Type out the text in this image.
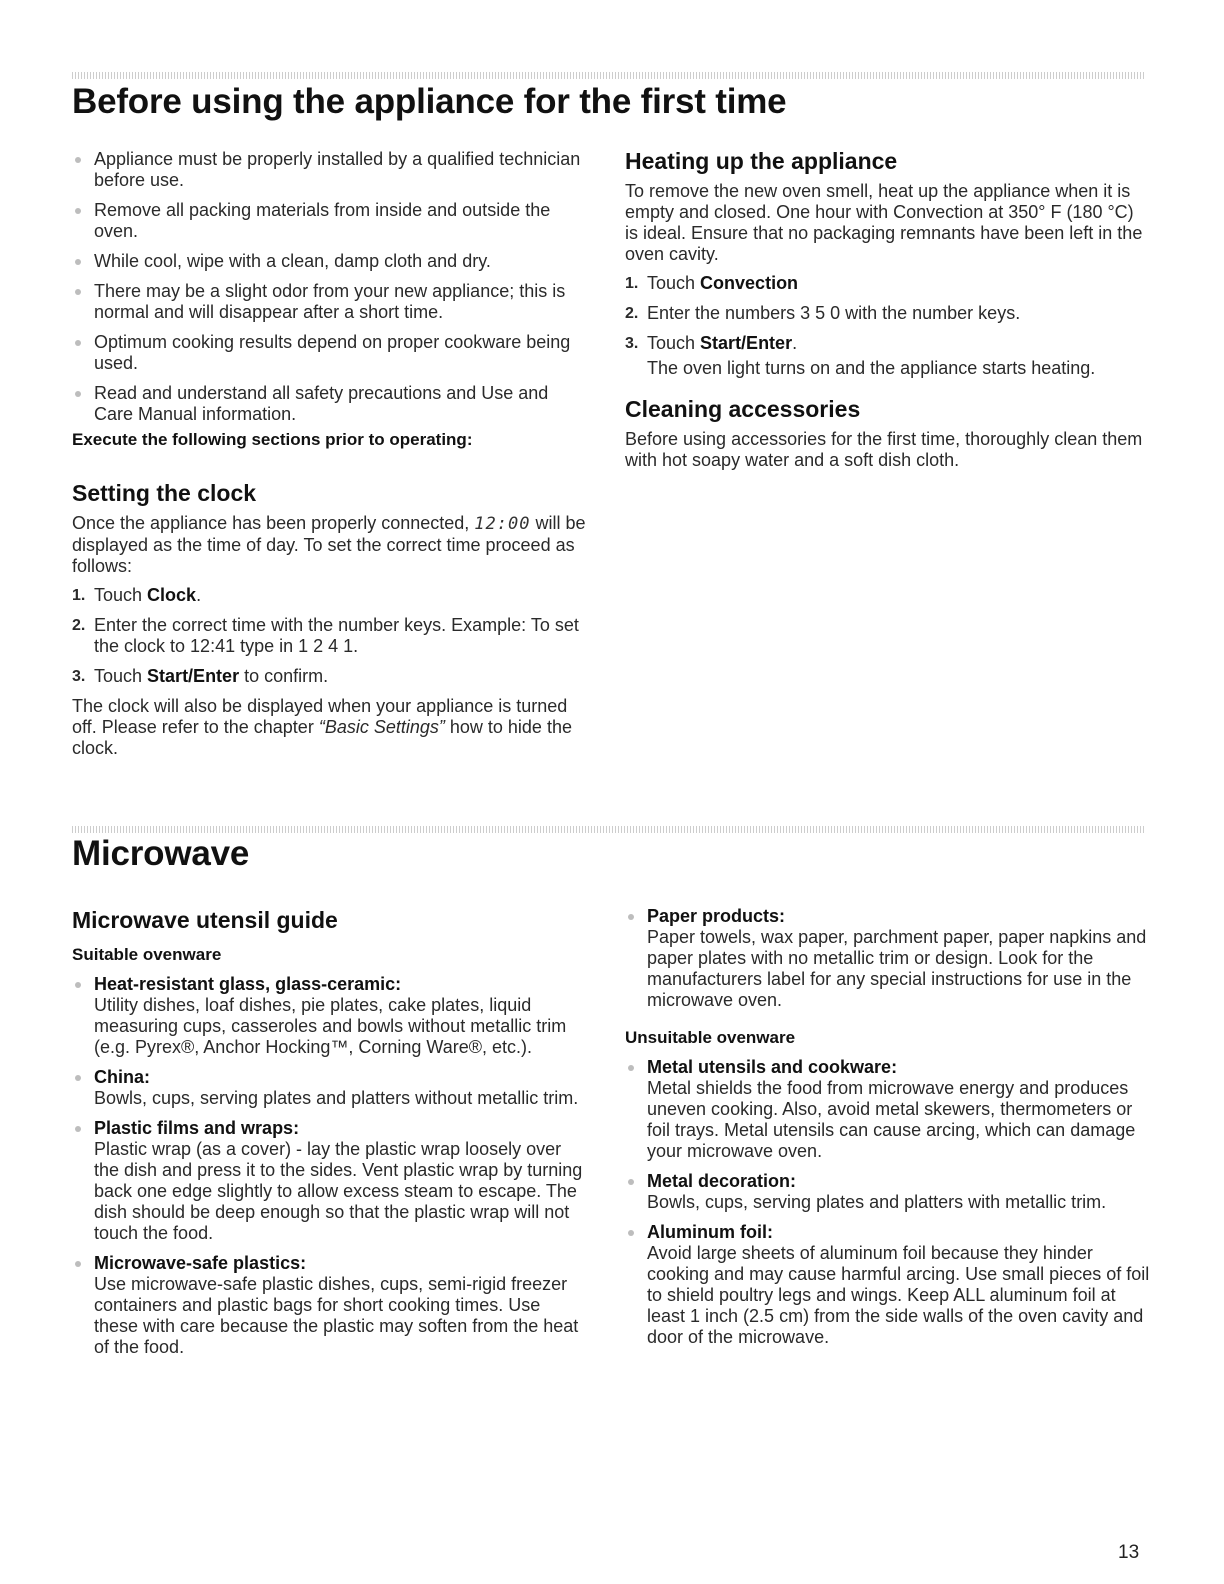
Before using the appliance for the first time
Appliance must be properly installed by a qualified technician before use.
Remove all packing materials from inside and outside the oven.
While cool, wipe with a clean, damp cloth and dry.
There may be a slight odor from your new appliance; this is normal and will disappear after a short time.
Optimum cooking results depend on proper cookware being used.
Read and understand all safety precautions and Use and Care Manual information.
Execute the following sections prior to operating:
Setting the clock

Once the appliance has been properly connected, 12:00 will be displayed as the time of day. To set the correct time proceed as follows:

1. Touch Clock.
2. Enter the correct time with the number keys. Example: To set the clock to 12:41 type in 1 2 4 1.
3. Touch Start/Enter to confirm.

The clock will also be displayed when your appliance is turned off. Please refer to the chapter “Basic Settings” how to hide the clock.

Heating up the appliance

To remove the new oven smell, heat up the appliance when it is empty and closed. One hour with Convection at 350° F (180 °C) is ideal. Ensure that no packaging remnants have been left in the oven cavity.

1. Touch Convection
2. Enter the numbers 3 5 0 with the number keys.
3. Touch Start/Enter.

The oven light turns on and the appliance starts heating.

Cleaning accessories

Before using accessories for the first time, thoroughly clean them with hot soapy water and a soft dish cloth.

Microwave
Microwave utensil guide
Suitable ovenware
Heat-resistant glass, glass-ceramic:
Utility dishes, loaf dishes, pie plates, cake plates, liquid measuring cups, casseroles and bowls without metallic trim (e.g. Pyrex®, Anchor Hocking™, Corning Ware®, etc.).
China:
Bowls, cups, serving plates and platters without metallic trim.
Plastic films and wraps:
Plastic wrap (as a cover) - lay the plastic wrap loosely over the dish and press it to the sides. Vent plastic wrap by turning back one edge slightly to allow excess steam to escape. The dish should be deep enough so that the plastic wrap will not touch the food.
Microwave-safe plastics:
Use microwave-safe plastic dishes, cups, semi-rigid freezer containers and plastic bags for short cooking times. Use these with care because the plastic may soften from the heat of the food.
Paper products:
Paper towels, wax paper, parchment paper, paper napkins and paper plates with no metallic trim or design. Look for the manufacturers label for any special instructions for use in the microwave oven.
Unsuitable ovenware
Metal utensils and cookware:
Metal shields the food from microwave energy and produces uneven cooking. Also, avoid metal skewers, thermometers or foil trays. Metal utensils can cause arcing, which can damage your microwave oven.
Metal decoration:
Bowls, cups, serving plates and platters with metallic trim.
Aluminum foil:
Avoid large sheets of aluminum foil because they hinder cooking and may cause harmful arcing. Use small pieces of foil to shield poultry legs and wings. Keep ALL aluminum foil at least 1 inch (2.5 cm) from the side walls of the oven cavity and door of the microwave.
13
